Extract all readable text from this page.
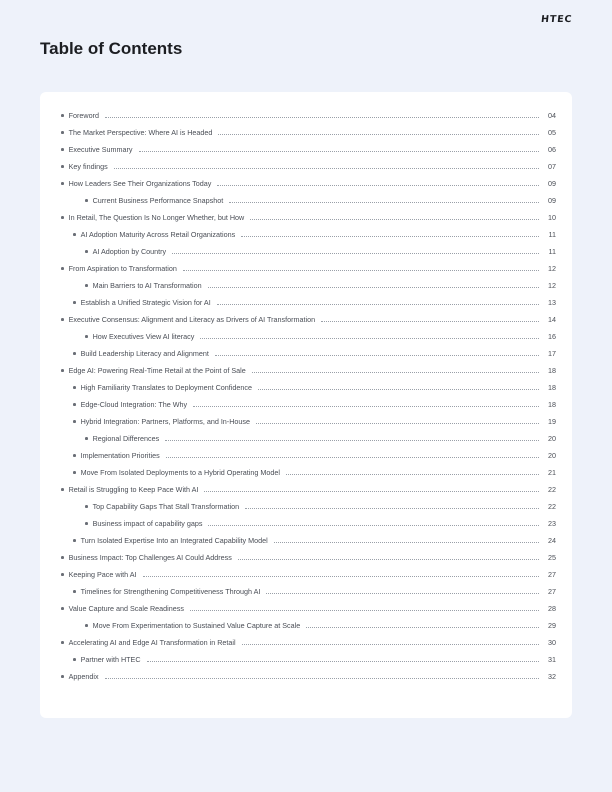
HTEC
Table of Contents
Foreword	04
The Market Perspective: Where AI is Headed	05
Executive Summary	06
Key findings	07
How Leaders See Their Organizations Today	09
Current Business Performance Snapshot	09
In Retail, The Question Is No Longer Whether, but How	10
AI Adoption Maturity Across Retail Organizations	11
AI Adoption by Country	11
From Aspiration to Transformation	12
Main Barriers to AI Transformation	12
Establish a Unified Strategic Vision for AI	13
Executive Consensus: Alignment and Literacy as Drivers of AI Transformation	14
How Executives View AI literacy	16
Build Leadership Literacy and Alignment	17
Edge AI: Powering Real-Time Retail at the Point of Sale	18
High Familiarity Translates to Deployment Confidence	18
Edge-Cloud Integration: The Why	18
Hybrid Integration: Partners, Platforms, and In-House	19
Regional Differences	20
Implementation Priorities	20
Move From Isolated Deployments to a Hybrid Operating Model	21
Retail is Struggling to Keep Pace With AI	22
Top Capability Gaps That Stall Transformation	22
Business impact of capability gaps	23
Turn Isolated Expertise Into an Integrated Capability Model	24
Business Impact: Top Challenges AI Could Address	25
Keeping Pace with AI	27
Timelines for Strengthening Competitiveness Through AI	27
Value Capture and Scale Readiness	28
Move From Experimentation to Sustained Value Capture at Scale	29
Accelerating AI and Edge AI Transformation in Retail	30
Partner with HTEC	31
Appendix	32
